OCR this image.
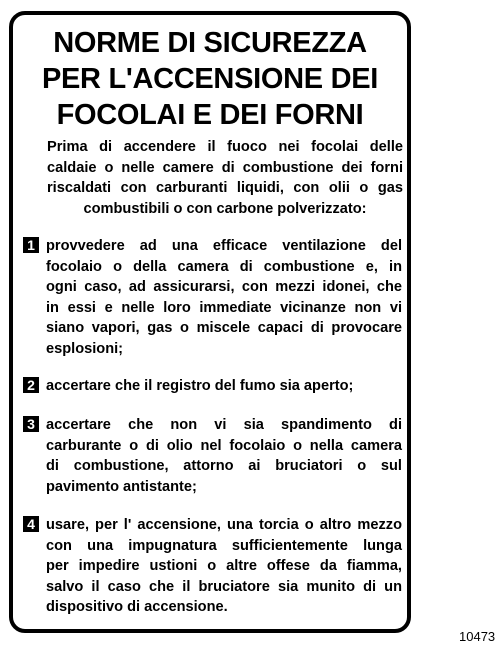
NORME DI SICUREZZA
PER L'ACCENSIONE DEI
FOCOLAI E DEI FORNI
Prima di accendere il fuoco nei focolai delle
caldaie o nelle camere di combustione dei forni
riscaldati con carburanti liquidi, con olii o gas
combustibili o con carbone polverizzato:
1 provvedere ad una efficace ventilazione del
focolaio o della camera di combustione e, in
ogni caso, ad assicurarsi, con mezzi idonei, che
in essi e nelle loro immediate vicinanze non vi
siano vapori, gas o miscele capaci di provocare
esplosioni;
2 accertare che il registro del fumo sia aperto;
3 accertare che non vi sia spandimento di
carburante o di olio nel focolaio o nella camera
di combustione, attorno ai bruciatori o sul
pavimento antistante;
4 usare, per l' accensione, una torcia o altro mezzo
con una impugnatura sufficientemente lunga
per impedire ustioni o altre offese da fiamma,
salvo il caso che il bruciatore sia munito di un
dispositivo di accensione.
10473
